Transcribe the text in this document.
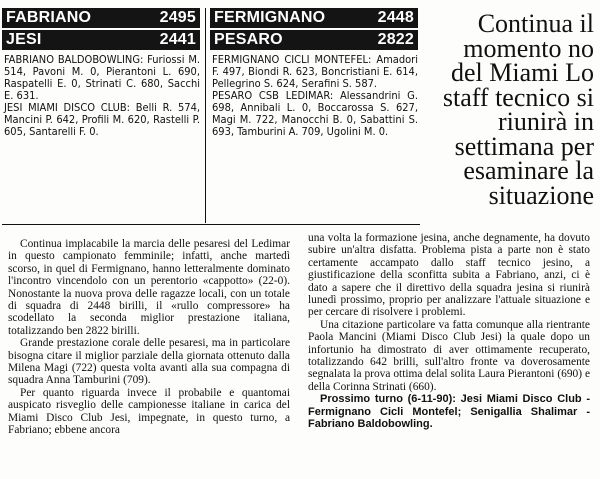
FABRIANO	2495
JESI	2441

FABRIANO BALDOBOWLING: Furiossi M. 514, Pavoni M. 0, Pierantoni L. 690, Raspatelli E. 0, Strinati C. 680, Sacchi E. 631.

JESI MIAMI DISCO CLUB: Belli R. 574, Mancini P. 642, Profili M. 620, Rastelli P. 605, Santarelli F. 0.

FERMIGNANO	2448
PESARO	2822

FERMIGNANO CICLI MONTEFEL: Amadori F. 497, Biondi R. 623, Boncristiani E. 614, Pellegrino S. 624, Serafini S. 587.

PESARO CSB LEDIMAR: Alessandrini G. 698, Annibali L. 0, Boccarossa S. 627, Magi M. 722, Manocchi B. 0, Sabattini S. 693, Tamburini A. 709, Ugolini M. 0.

Continua il momento no del Miami Lo staff tecnico si riunirà in settimana per esaminare la situazione

Continua implacabile la marcia delle pesaresi del Ledimar in questo campionato femminile; infatti, anche martedì scorso, in quel di Fermignano, hanno letteralmente dominato l'incontro vincendolo con un perentorio «cappotto» (22-0). Nonostante la nuova prova delle ragazze locali, con un totale di squadra di 2448 birilli, il «rullo compressore» ha scodellato la seconda miglior prestazione italiana, totalizzando ben 2822 birilli.

Grande prestazione corale delle pesaresi, ma in particolare bisogna citare il miglior parziale della giornata ottenuto dalla Milena Magi (722) questa volta avanti alla sua compagna di squadra Anna Tamburini (709).

Per quanto riguarda invece il probabile e quantomai auspicato risveglio delle campionesse italiane in carica del Miami Disco Club Jesi, impegnate, in questo turno, a Fabriano; ebbene ancora

una volta la formazione jesina, anche degnamente, ha dovuto subire un'altra disfatta. Problema pista a parte non è stato certamente accampato dallo staff tecnico jesino, a giustificazione della sconfitta subita a Fabriano, anzi, ci è dato a sapere che il direttivo della squadra jesina si riunirà lunedì prossimo, proprio per analizzare l'attuale situazione e per cercare di risolvere i problemi.

Una citazione particolare va fatta comunque alla rientrante Paola Mancini (Miami Disco Club Jesi) la quale dopo un infortunio ha dimostrato di aver ottimamente recuperato, totalizzando 642 brilli, sull'altro fronte va doverosamente segnalata la prova ottima delal solita Laura Pierantoni (690) e della Corinna Strinati (660).

Prossimo turno (6-11-90): Jesi Miami Disco Club - Fermignano Cicli Montefel; Senigallia Shalimar - Fabriano Baldobowling.
